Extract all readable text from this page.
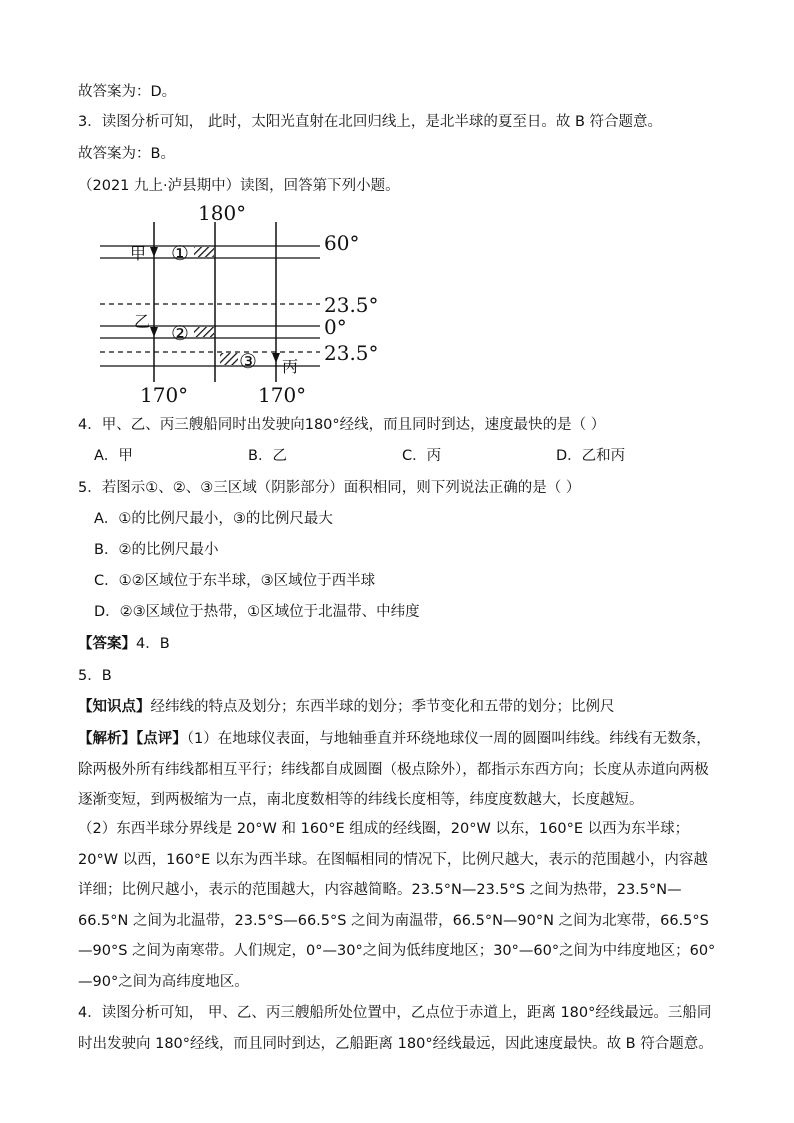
故答案为：D。
3．读图分析可知， 此时，太阳光直射在北回归线上，是北半球的夏至日。故 B 符合题意。
故答案为：B。
（2021 九上·泸县期中）读图，回答第下列小题。
①
②
③
甲
乙
丙
180°
170°	170°
60°
23.5°
0°
23.5°
4．甲、乙、丙三艘船同时出发驶向180°经线，而且同时到达，速度最快的是（ ）
A．甲	B．乙	C．丙	D．乙和丙
5．若图示①、②、③三区域（阴影部分）面积相同，则下列说法正确的是（ ）
A．①的比例尺最小，③的比例尺最大
B．②的比例尺最小
C．①②区域位于东半球，③区域位于西半球
D．②③区域位于热带，①区域位于北温带、中纬度
【答案】4．B
5．B
【知识点】经纬线的特点及划分；东西半球的划分；季节变化和五带的划分；比例尺
【解析】【点评】（1）在地球仪表面，与地轴垂直并环绕地球仪一周的圆圈叫纬线。纬线有无数条，除两极外所有纬线都相互平行；纬线都自成圆圈（极点除外），都指示东西方向；长度从赤道向两极逐渐变短，到两极缩为一点，南北度数相等的纬线长度相等，纬度度数越大，长度越短。
（2）东西半球分界线是 20°W 和 160°E 组成的经线圈，20°W 以东，160°E 以西为东半球；20°W 以西，160°E 以东为西半球。在图幅相同的情况下，比例尺越大，表示的范围越小，内容越详细；比例尺越小，表示的范围越大，内容越简略。23.5°N—23.5°S 之间为热带，23.5°N—66.5°N 之间为北温带，23.5°S—66.5°S 之间为南温带，66.5°N—90°N 之间为北寒带，66.5°S—90°S 之间为南寒带。人们规定，0°—30°之间为低纬度地区；30°—60°之间为中纬度地区；60°—90°之间为高纬度地区。
4．读图分析可知， 甲、乙、丙三艘船所处位置中，乙点位于赤道上，距离 180°经线最远。三船同时出发驶向 180°经线，而且同时到达，乙船距离 180°经线最远，因此速度最快。故 B 符合题意。
